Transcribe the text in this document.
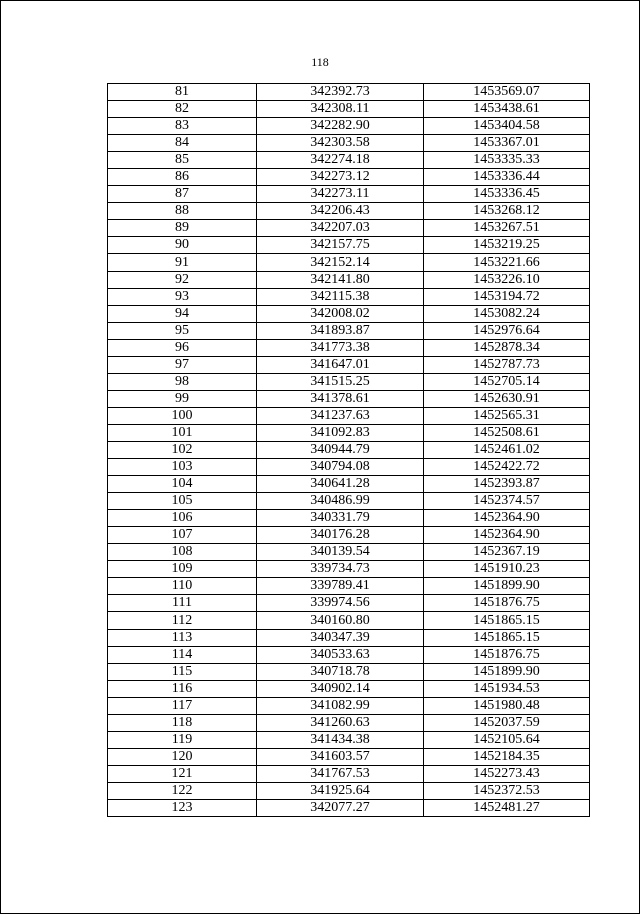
118
81	342392.73	1453569.07
82	342308.11	1453438.61
83	342282.90	1453404.58
84	342303.58	1453367.01
85	342274.18	1453335.33
86	342273.12	1453336.44
87	342273.11	1453336.45
88	342206.43	1453268.12
89	342207.03	1453267.51
90	342157.75	1453219.25
91	342152.14	1453221.66
92	342141.80	1453226.10
93	342115.38	1453194.72
94	342008.02	1453082.24
95	341893.87	1452976.64
96	341773.38	1452878.34
97	341647.01	1452787.73
98	341515.25	1452705.14
99	341378.61	1452630.91
100	341237.63	1452565.31
101	341092.83	1452508.61
102	340944.79	1452461.02
103	340794.08	1452422.72
104	340641.28	1452393.87
105	340486.99	1452374.57
106	340331.79	1452364.90
107	340176.28	1452364.90
108	340139.54	1452367.19
109	339734.73	1451910.23
110	339789.41	1451899.90
111	339974.56	1451876.75
112	340160.80	1451865.15
113	340347.39	1451865.15
114	340533.63	1451876.75
115	340718.78	1451899.90
116	340902.14	1451934.53
117	341082.99	1451980.48
118	341260.63	1452037.59
119	341434.38	1452105.64
120	341603.57	1452184.35
121	341767.53	1452273.43
122	341925.64	1452372.53
123	342077.27	1452481.27
